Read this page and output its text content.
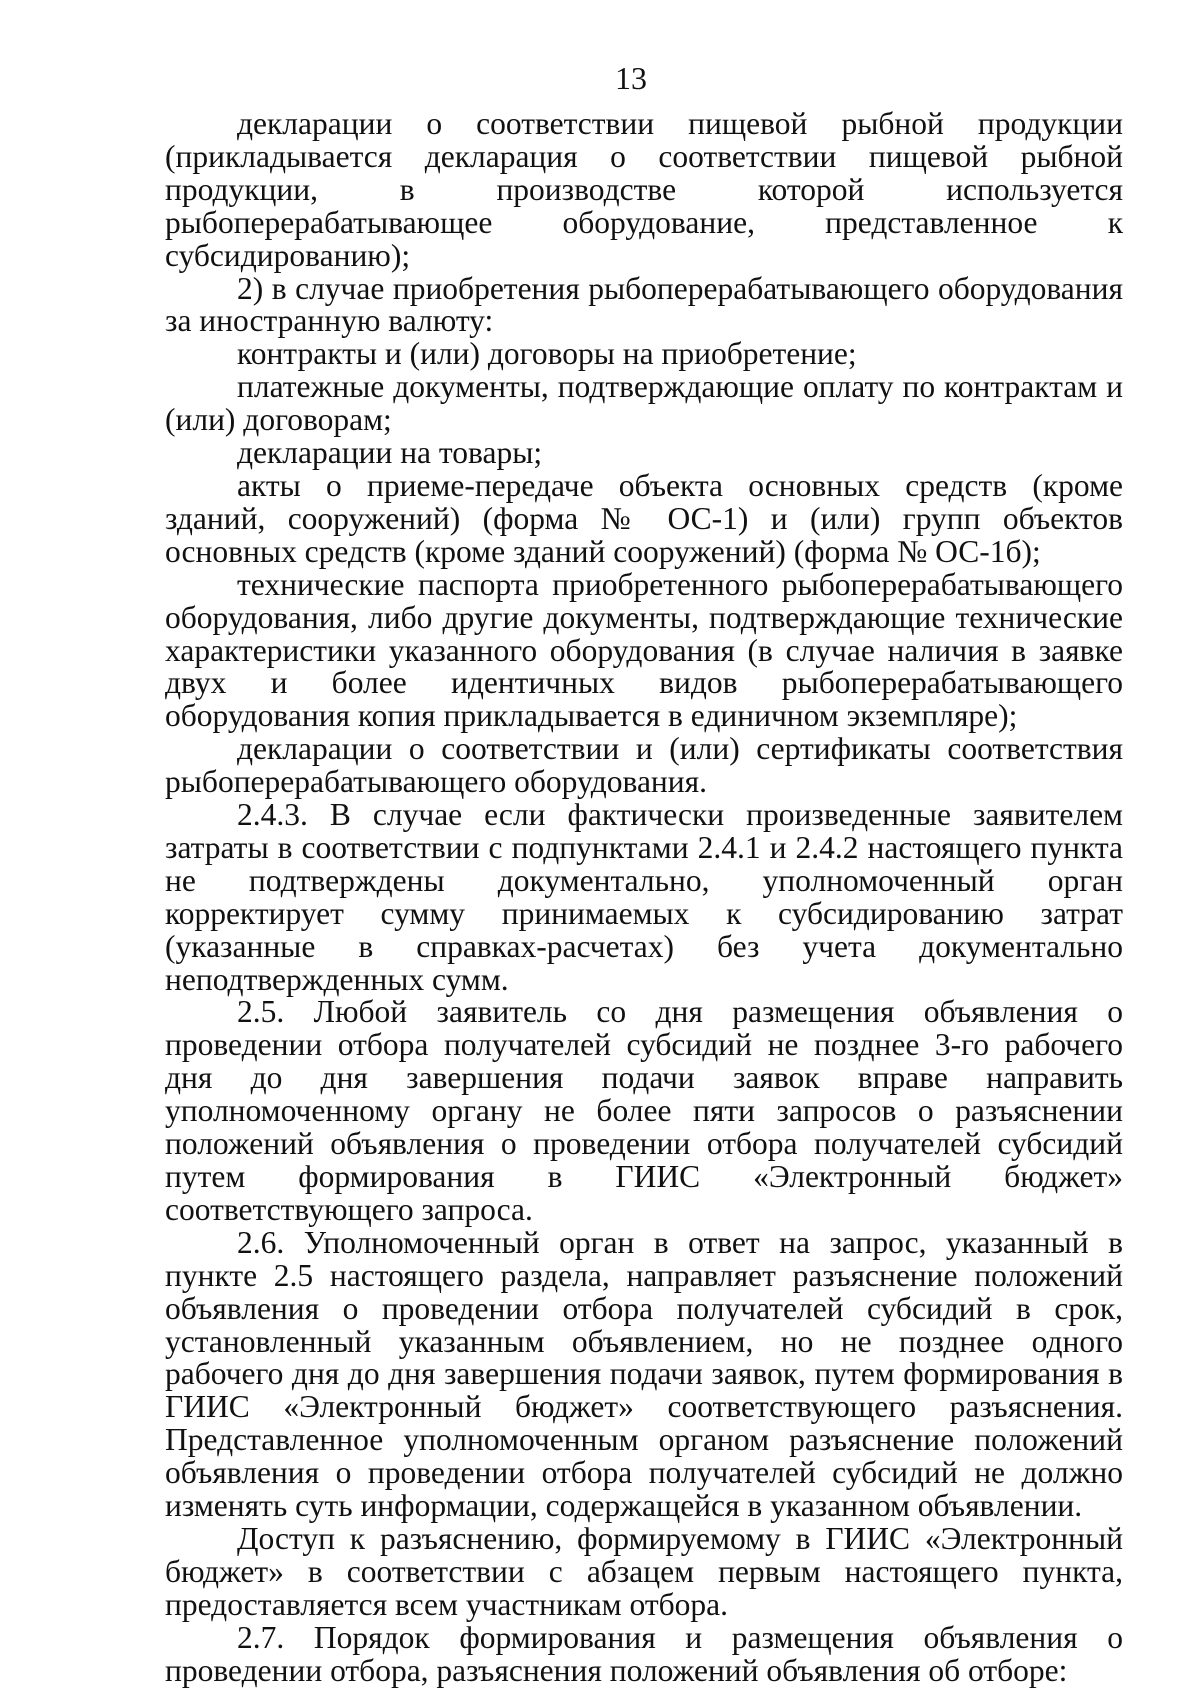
13

декларации о соответствии пищевой рыбной продукции (прикладывается декларация о соответствии пищевой рыбной продукции, в производстве которой используется рыбоперерабатывающее оборудование, представленное к субсидированию);

2) в случае приобретения рыбоперерабатывающего оборудования за иностранную валюту:

контракты и (или) договоры на приобретение;

платежные документы, подтверждающие оплату по контрактам и (или) договорам;

декларации на товары;

акты о приеме-передаче объекта основных средств (кроме зданий, сооружений) (форма № ОС-1) и (или) групп объектов основных средств (кроме зданий сооружений) (форма № ОС-1б);

технические паспорта приобретенного рыбоперерабатывающего оборудования, либо другие документы, подтверждающие технические характеристики указанного оборудования (в случае наличия в заявке двух и более идентичных видов рыбоперерабатывающего оборудования копия прикладывается в единичном экземпляре);

декларации о соответствии и (или) сертификаты соответствия рыбоперерабатывающего оборудования.

2.4.3. В случае если фактически произведенные заявителем затраты в соответствии с подпунктами 2.4.1 и 2.4.2 настоящего пункта не подтверждены документально, уполномоченный орган корректирует сумму принимаемых к субсидированию затрат (указанные в справках-расчетах) без учета документально неподтвержденных сумм.

2.5. Любой заявитель со дня размещения объявления о проведении отбора получателей субсидий не позднее 3-го рабочего дня до дня завершения подачи заявок вправе направить уполномоченному органу не более пяти запросов о разъяснении положений объявления о проведении отбора получателей субсидий путем формирования в ГИИС «Электронный бюджет» соответствующего запроса.

2.6. Уполномоченный орган в ответ на запрос, указанный в пункте 2.5 настоящего раздела, направляет разъяснение положений объявления о проведении отбора получателей субсидий в срок, установленный указанным объявлением, но не позднее одного рабочего дня до дня завершения подачи заявок, путем формирования в ГИИС «Электронный бюджет» соответствующего разъяснения. Представленное уполномоченным органом разъяснение положений объявления о проведении отбора получателей субсидий не должно изменять суть информации, содержащейся в указанном объявлении.

Доступ к разъяснению, формируемому в ГИИС «Электронный бюджет» в соответствии с абзацем первым настоящего пункта, предоставляется всем участникам отбора.

2.7. Порядок формирования и размещения объявления о проведении отбора, разъяснения положений объявления об отборе:
